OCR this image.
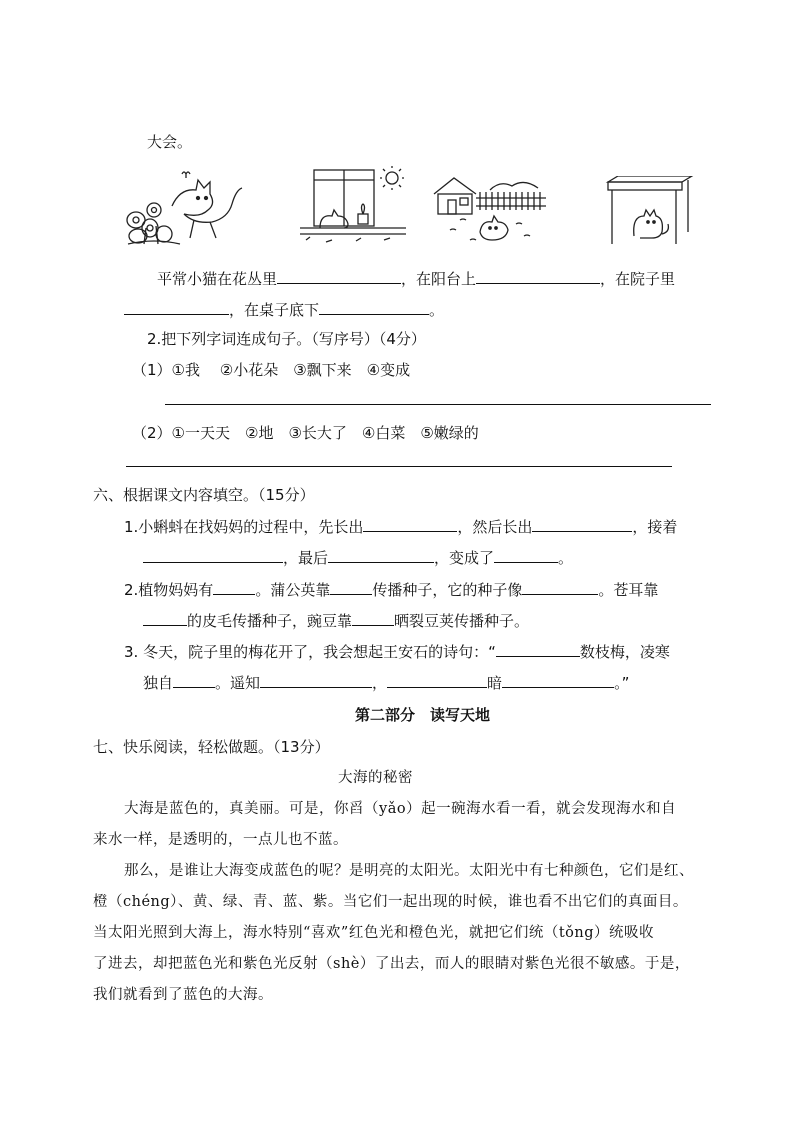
大会。
平常小猫在花丛里	，在阳台上	，在院子里
，在桌子底下	。
2.把下列字词连成句子。（写序号）（4分）
（1）①我　 ②小花朵　③飘下来　④变成
（2）①一天天　②地　③长大了　④白菜　⑤嫩绿的
六、根据课文内容填空。（15分）
1.小蝌蚪在找妈妈的过程中，先长出	，然后长出	，接着
，最后	，变成了	。
2.植物妈妈有	。蒲公英靠	传播种子，它的种子像	。苍耳靠
的皮毛传播种子，豌豆靠	晒裂豆荚传播种子。
3. 冬天，院子里的梅花开了，我会想起王安石的诗句：“	数枝梅，凌寒
独自	。遥知	，	暗	。”
第二部分　读写天地
七、快乐阅读，轻松做题。（13分）
大海的秘密
大海是蓝色的，真美丽。可是，你舀（yǎo）起一碗海水看一看，就会发现海水和自
来水一样，是透明的，一点儿也不蓝。
那么，是谁让大海变成蓝色的呢？是明亮的太阳光。太阳光中有七种颜色，它们是红、
橙（chéng）、黄、绿、青、蓝、紫。当它们一起出现的时候，谁也看不出它们的真面目。
当太阳光照到大海上，海水特别“喜欢”红色光和橙色光，就把它们统（tǒng）统吸收
了进去，却把蓝色光和紫色光反射（shè）了出去，而人的眼睛对紫色光很不敏感。于是，
我们就看到了蓝色的大海。
